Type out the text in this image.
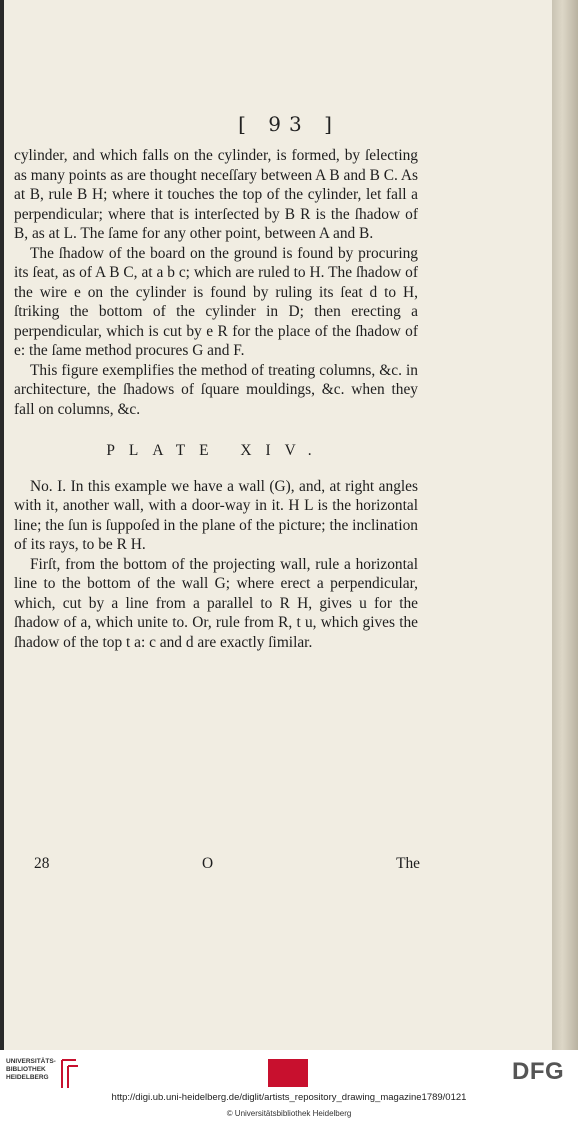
[ 93 ]

cylinder, and which falls on the cylinder, is formed, by ſelecting as many points as are thought neceſſary between A B and B C. As at B, rule B H; where it touches the top of the cylinder, let fall a perpendicular; where that is interſected by B R is the ſhadow of B, as at L. The ſame for any other point, between A and B.

The ſhadow of the board on the ground is found by procuring its ſeat, as of A B C, at a b c; which are ruled to H. The ſhadow of the wire e on the cylinder is found by ruling its ſeat d to H, ſtriking the bottom of the cylinder in D; then erecting a perpendicular, which is cut by e R for the place of the ſhadow of e: the ſame method procures G and F.

This figure exemplifies the method of treating columns, &c. in architecture, the ſhadows of ſquare mouldings, &c. when they fall on columns, &c.

PLATE XIV.

No. I. In this example we have a wall (G), and, at right angles with it, another wall, with a door-way in it. H L is the horizontal line; the ſun is ſuppoſed in the plane of the picture; the inclination of its rays, to be R H.

Firſt, from the bottom of the projecting wall, rule a horizontal line to the bottom of the wall G; where erect a perpendicular, which, cut by a line from a parallel to R H, gives u for the ſhadow of a, which unite to. Or, rule from R, t u, which gives the ſhadow of the top t a: c and d are exactly ſimilar.

28	O	The
UNIVERSITÄTS-
BIBLIOTHEK
HEIDELBERG	DFG
http://digi.ub.uni-heidelberg.de/diglit/artists_repository_drawing_magazine1789/0121
© Universitätsbibliothek Heidelberg
